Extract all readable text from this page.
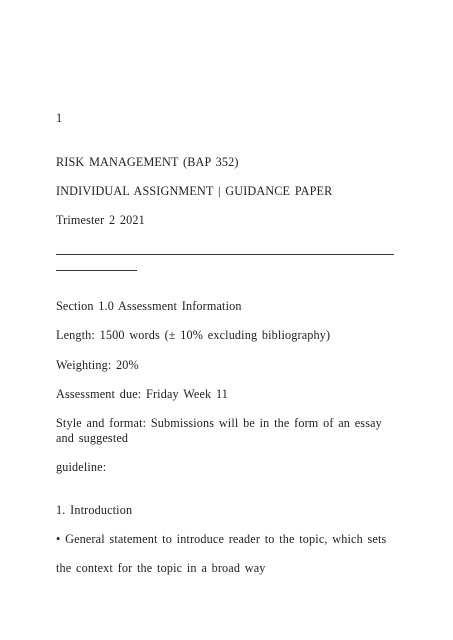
1
RISK MANAGEMENT (BAP 352)
INDIVIDUAL ASSIGNMENT | GUIDANCE PAPER
Trimester 2 2021
Section 1.0 Assessment Information
Length: 1500 words (± 10% excluding bibliography)
Weighting: 20%
Assessment due: Friday Week 11
Style and format: Submissions will be in the form of an essay
and suggested
guideline:
1. Introduction
• General statement to introduce reader to the topic, which sets
the context for the topic in a broad way
